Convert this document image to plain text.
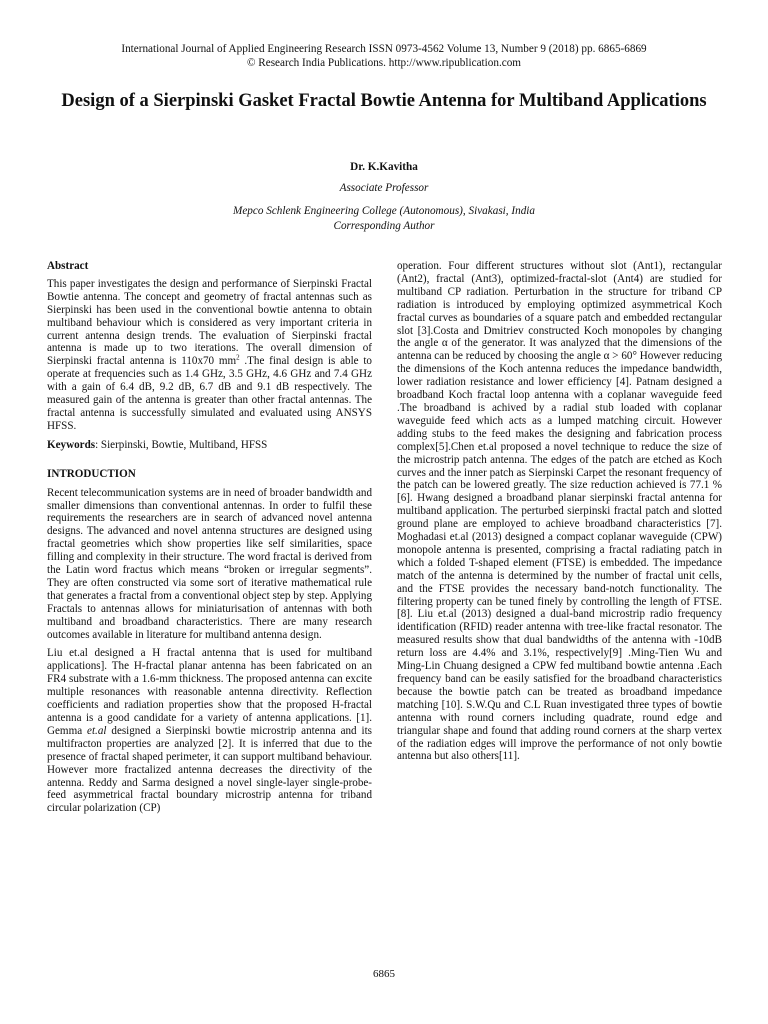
International Journal of Applied Engineering Research ISSN 0973-4562 Volume 13, Number 9 (2018) pp. 6865-6869
© Research India Publications. http://www.ripublication.com
Design of a Sierpinski Gasket Fractal Bowtie Antenna for Multiband Applications
Dr. K.Kavitha
Associate Professor
Mepco Schlenk Engineering College (Autonomous), Sivakasi, India
Corresponding Author
Abstract

This paper investigates the design and performance of Sierpinski Fractal Bowtie antenna. The concept and geometry of fractal antennas such as Sierpinski has been used in the conventional bowtie antenna to obtain multiband behaviour which is considered as very important criteria in current antenna design trends. The evaluation of Sierpinski fractal antenna is made up to two iterations. The overall dimension of Sierpinski fractal antenna is 110x70 $mm^2$ .The final design is able to operate at frequencies such as 1.4 GHz, 3.5 GHz, 4.6 GHz and 7.4 GHz with a gain of 6.4 dB, 9.2 dB, 6.7 dB and 9.1 dB respectively. The measured gain of the antenna is greater than other fractal antennas. The fractal antenna is successfully simulated and evaluated using ANSYS HFSS.

Keywords: Sierpinski, Bowtie, Multiband, HFSS

INTRODUCTION

Recent telecommunication systems are in need of broader bandwidth and smaller dimensions than conventional antennas. In order to fulfil these requirements the researchers are in search of advanced novel antenna designs. The advanced and novel antenna structures are designed using fractal geometries which show properties like self similarities, space filling and complexity in their structure. The word fractal is derived from the Latin word fractus which means “broken or irregular segments”. They are often constructed via some sort of iterative mathematical rule that generates a fractal from a conventional object step by step. Applying Fractals to antennas allows for miniaturisation of antennas with both multiband and broadband characteristics. There are many research outcomes available in literature for multiband antenna design.

Liu et.al designed a H fractal antenna that is used for multiband applications]. The H-fractal planar antenna has been fabricated on an FR4 substrate with a 1.6-mm thickness. The proposed antenna can excite multiple resonances with reasonable antenna directivity. Reflection coefficients and radiation properties show that the proposed H-fractal antenna is a good candidate for a variety of antenna applications. [1]. Gemma et.al designed a Sierpinski bowtie microstrip antenna and its multifracton properties are analyzed [2]. It is inferred that due to the presence of fractal shaped perimeter, it can support multiband behaviour. However more fractalized antenna decreases the directivity of the antenna. Reddy and Sarma designed a novel single-layer single-probe-feed asymmetrical fractal boundary microstrip antenna for triband circular polarization (CP)

operation. Four different structures without slot (Ant1), rectangular (Ant2), fractal (Ant3), optimized-fractal-slot (Ant4) are studied for multiband CP radiation. Perturbation in the structure for triband CP radiation is introduced by employing optimized asymmetrical Koch fractal curves as boundaries of a square patch and embedded rectangular slot [3].Costa and Dmitriev constructed Koch monopoles by changing the angle α of the generator. It was analyzed that the dimensions of the antenna can be reduced by choosing the angle α > 60° However reducing the dimensions of the Koch antenna reduces the impedance bandwidth, lower radiation resistance and lower efficiency [4]. Patnam designed a broadband Koch fractal loop antenna with a coplanar waveguide feed .The broadband is achived by a radial stub loaded with coplanar waveguide feed which acts as a lumped matching circuit. However adding stubs to the feed makes the designing and fabrication process complex[5].Chen et.al proposed a novel technique to reduce the size of the microstrip patch antenna. The edges of the patch are etched as Koch curves and the inner patch as Sierpinski Carpet the resonant frequency of the patch can be lowered greatly. The size reduction achieved is 77.1 % [6]. Hwang designed a broadband planar sierpinski fractal antenna for multiband application. The perturbed sierpinski fractal patch and slotted ground plane are employed to achieve broadband characteristics [7]. Moghadasi et.al (2013) designed a compact coplanar waveguide (CPW) monopole antenna is presented, comprising a fractal radiating patch in which a folded T-shaped element (FTSE) is embedded. The impedance match of the antenna is determined by the number of fractal unit cells, and the FTSE provides the necessary band-notch functionality. The filtering property can be tuned finely by controlling the length of FTSE. [8]. Liu et.al (2013) designed a dual-band microstrip radio frequency identification (RFID) reader antenna with tree-like fractal resonator. The measured results show that dual bandwidths of the antenna with -10dB return loss are 4.4% and 3.1%, respectively[9] .Ming-Tien Wu and Ming-Lin Chuang designed a CPW fed multiband bowtie antenna .Each frequency band can be easily satisfied for the broadband characteristics because the bowtie patch can be treated as broadband impedance matching [10]. S.W.Qu and C.L Ruan investigated three types of bowtie antenna with round corners including quadrate, round edge and triangular shape and found that adding round corners at the sharp vertex of the radiation edges will improve the performance of not only bowtie antenna but also others[11].

6865
